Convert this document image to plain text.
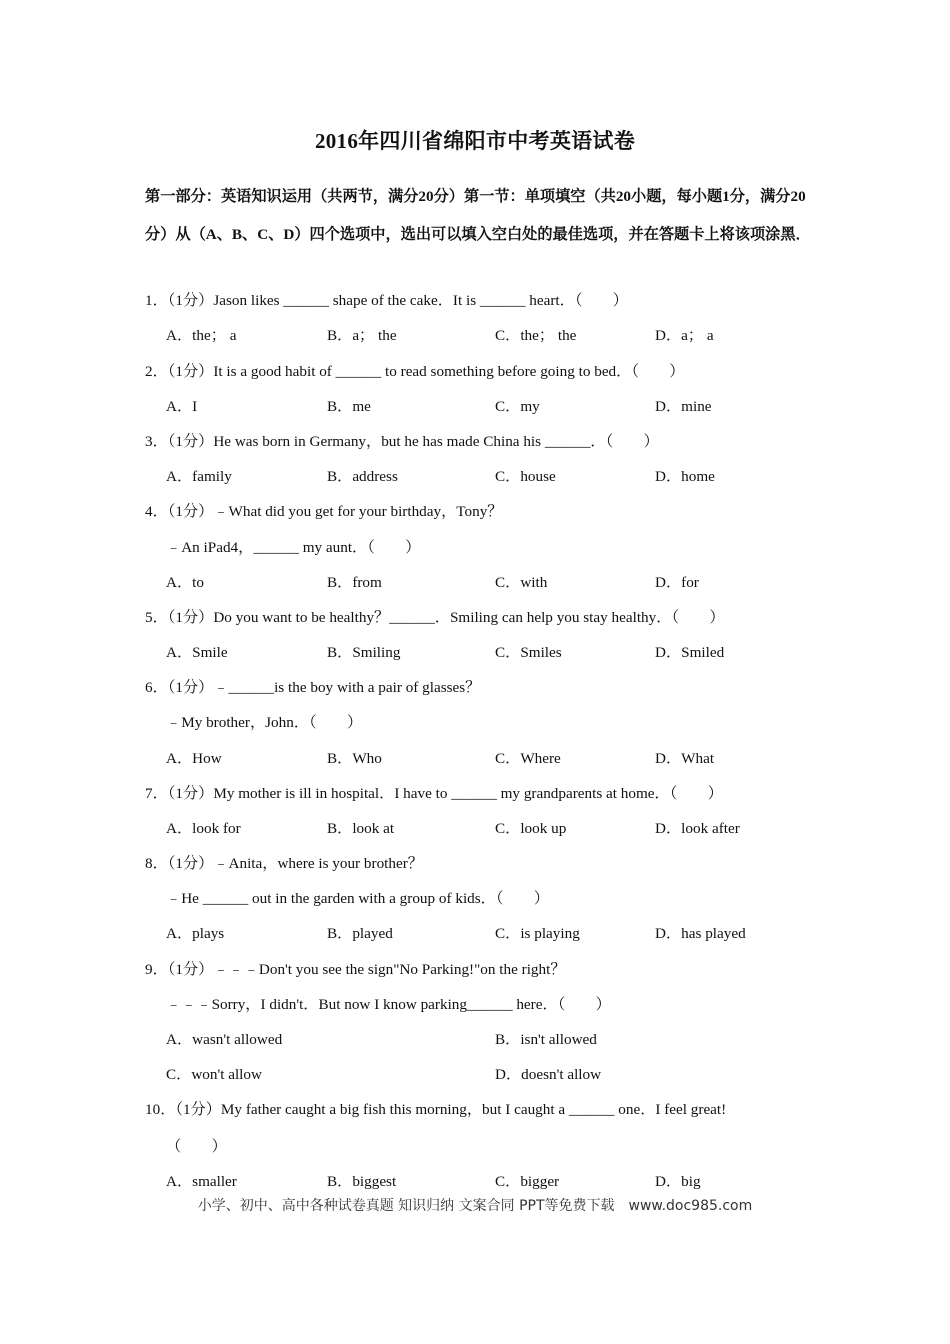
2016年四川省绵阳市中考英语试卷
第一部分：英语知识运用（共两节，满分20分）第一节：单项填空（共20小题，每小题1分，满分20分）从（A、B、C、D）四个选项中，选出可以填入空白处的最佳选项，并在答题卡上将该项涂黑．
1．（1分）Jason likes ______ shape of the cake．It is ______ heart．（　　）
A．the； a	B．a； the	C．the； the	D．a； a
2．（1分）It is a good habit of ______ to read something before going to bed．（　　）
A．I	B．me	C．my	D．mine
3．（1分）He was born in Germany，but he has made China his ______．（　　）
A．family	B．address	C．house	D．home
4．（1分）﹣What did you get for your birthday，Tony？
﹣An iPad4，______ my aunt．（　　）
A．to	B．from	C．with	D．for
5．（1分）Do you want to be healthy？______．Smiling can help you stay healthy．（　　）
A．Smile	B．Smiling	C．Smiles	D．Smiled
6．（1分）﹣______is the boy with a pair of glasses？
﹣My brother，John．（　　）
A．How	B．Who	C．Where	D．What
7．（1分）My mother is ill in hospital．I have to ______ my grandparents at home．（　　）
A．look for	B．look at	C．look up	D．look after
8．（1分）﹣Anita，where is your brother？
﹣He ______ out in the garden with a group of kids．（　　）
A．plays	B．played	C．is playing	D．has played
9．（1分）﹣﹣﹣Don't you see the sign"No Parking!"on the right？
﹣﹣﹣Sorry，I didn't．But now I know parking______ here．（　　）
A．wasn't allowed	B．isn't allowed
C．won't allow	D．doesn't allow
10．（1分）My father caught a big fish this morning，but I caught a ______ one．I feel great!
（　　）
A．smaller	B．biggest	C．bigger	D．big
小学、初中、高中各种试卷真题 知识归纳 文案合同 PPT等免费下载　www.doc985.com
